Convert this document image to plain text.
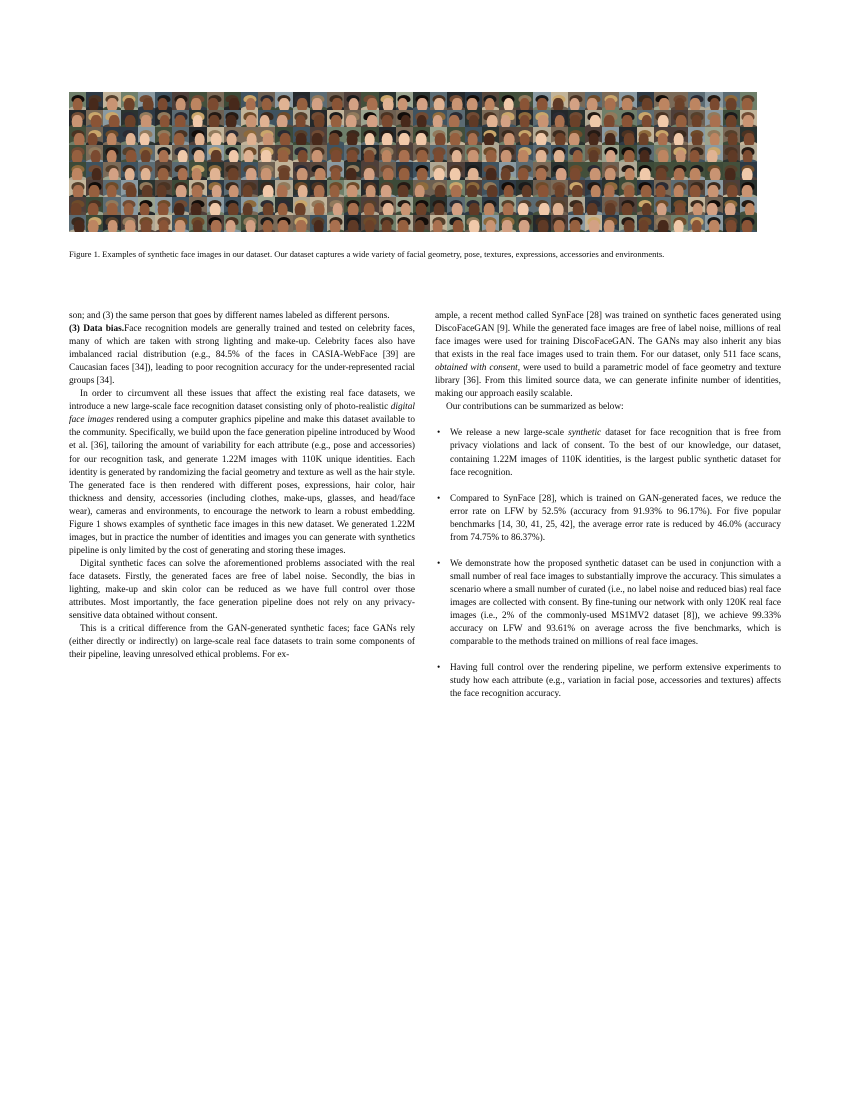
Figure 1. Examples of synthetic face images in our dataset. Our dataset captures a wide variety of facial geometry, pose, textures, expressions, accessories and environments.

son; and (3) the same person that goes by different names labeled as different persons.

(3) Data bias.Face recognition models are generally trained and tested on celebrity faces, many of which are taken with strong lighting and make-up. Celebrity faces also have imbalanced racial distribution (e.g., 84.5% of the faces in CASIA-WebFace [39] are Caucasian faces [34]), leading to poor recognition accuracy for the under-represented racial groups [34].

In order to circumvent all these issues that affect the existing real face datasets, we introduce a new large-scale face recognition dataset consisting only of photo-realistic digital face images rendered using a computer graphics pipeline and make this dataset available to the community. Specifically, we build upon the face generation pipeline introduced by Wood et al. [36], tailoring the amount of variability for each attribute (e.g., pose and accessories) for our recognition task, and generate 1.22M images with 110K unique identities. Each identity is generated by randomizing the facial geometry and texture as well as the hair style. The generated face is then rendered with different poses, expressions, hair color, hair thickness and density, accessories (including clothes, make-ups, glasses, and head/face wear), cameras and environments, to encourage the network to learn a robust embedding. Figure 1 shows examples of synthetic face images in this new dataset. We generated 1.22M images, but in practice the number of identities and images you can generate with synthetics pipeline is only limited by the cost of generating and storing these images.

Digital synthetic faces can solve the aforementioned problems associated with the real face datasets. Firstly, the generated faces are free of label noise. Secondly, the bias in lighting, make-up and skin color can be reduced as we have full control over those attributes. Most importantly, the face generation pipeline does not rely on any privacy-sensitive data obtained without consent.

This is a critical difference from the GAN-generated synthetic faces; face GANs rely (either directly or indirectly) on large-scale real face datasets to train some components of their pipeline, leaving unresolved ethical problems. For ex-

ample, a recent method called SynFace [28] was trained on synthetic faces generated using DiscoFaceGAN [9]. While the generated face images are free of label noise, millions of real face images were used for training DiscoFaceGAN. The GANs may also inherit any bias that exists in the real face images used to train them. For our dataset, only 511 face scans, obtained with consent, were used to build a parametric model of face geometry and texture library [36]. From this limited source data, we can generate infinite number of identities, making our approach easily scalable.

Our contributions can be summarized as below:

• We release a new large-scale synthetic dataset for face recognition that is free from privacy violations and lack of consent. To the best of our knowledge, our dataset, containing 1.22M images of 110K identities, is the largest public synthetic dataset for face recognition.
• Compared to SynFace [28], which is trained on GAN-generated faces, we reduce the error rate on LFW by 52.5% (accuracy from 91.93% to 96.17%). For five popular benchmarks [14, 30, 41, 25, 42], the average error rate is reduced by 46.0% (accuracy from 74.75% to 86.37%).
• We demonstrate how the proposed synthetic dataset can be used in conjunction with a small number of real face images to substantially improve the accuracy. This simulates a scenario where a small number of curated (i.e., no label noise and reduced bias) real face images are collected with consent. By fine-tuning our network with only 120K real face images (i.e., 2% of the commonly-used MS1MV2 dataset [8]), we achieve 99.33% accuracy on LFW and 93.61% on average across the five benchmarks, which is comparable to the methods trained on millions of real face images.
• Having full control over the rendering pipeline, we perform extensive experiments to study how each attribute (e.g., variation in facial pose, accessories and textures) affects the face recognition accuracy.
